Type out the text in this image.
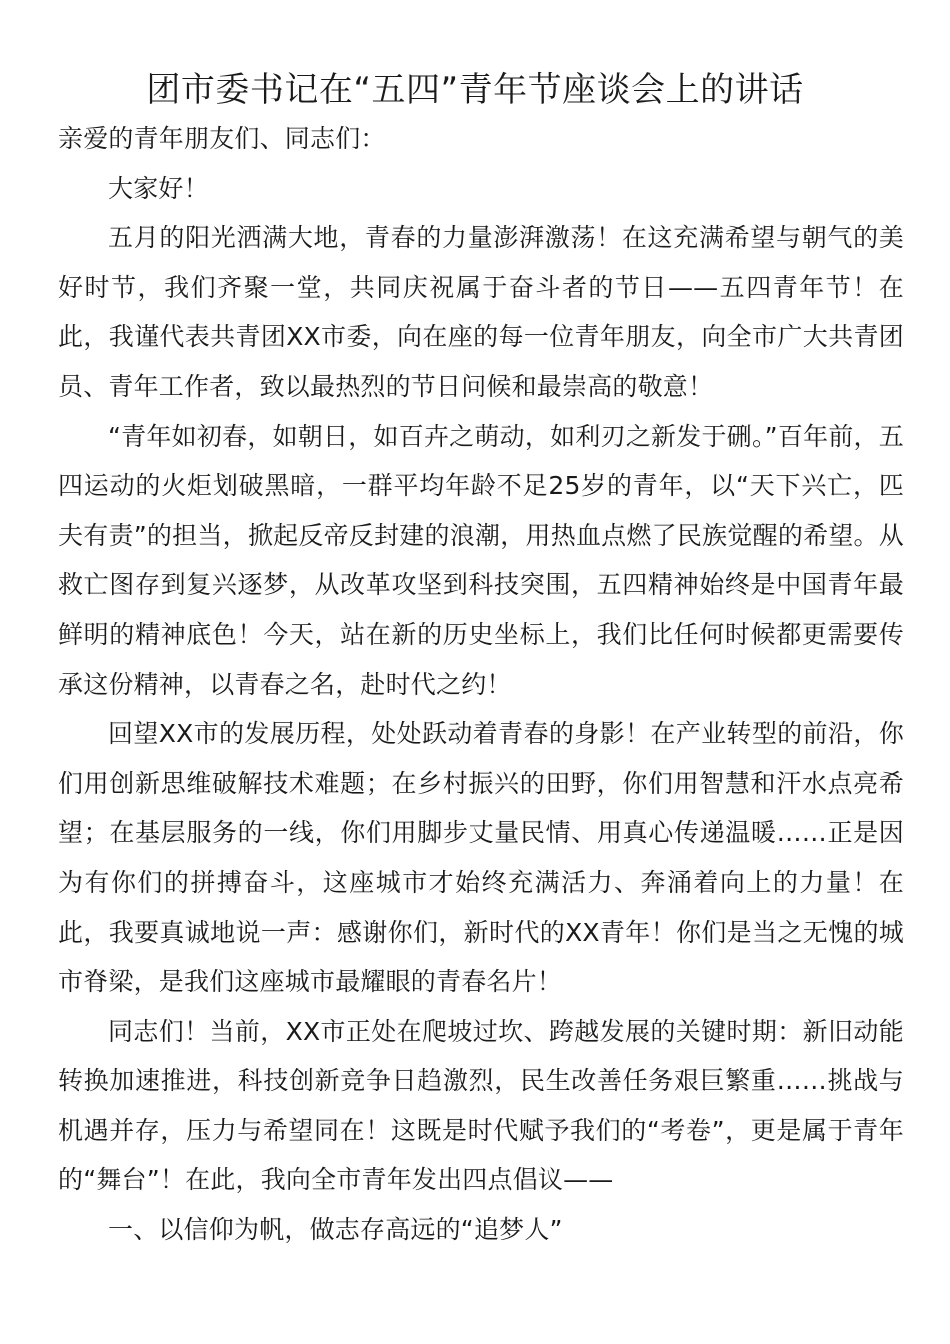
团市委书记在“五四”青年节座谈会上的讲话

亲爱的青年朋友们、同志们：

大家好！

五月的阳光洒满大地，青春的力量澎湃激荡！在这充满希望与朝气的美好时节，我们齐聚一堂，共同庆祝属于奋斗者的节日——五四青年节！在此，我谨代表共青团XX市委，向在座的每一位青年朋友，向全市广大共青团员、青年工作者，致以最热烈的节日问候和最崇高的敬意！

“青年如初春，如朝日，如百卉之萌动，如利刃之新发于硎。”百年前，五四运动的火炬划破黑暗，一群平均年龄不足25岁的青年，以“天下兴亡，匹夫有责”的担当，掀起反帝反封建的浪潮，用热血点燃了民族觉醒的希望。从救亡图存到复兴逐梦，从改革攻坚到科技突围，五四精神始终是中国青年最鲜明的精神底色！今天，站在新的历史坐标上，我们比任何时候都更需要传承这份精神，以青春之名，赴时代之约！

回望XX市的发展历程，处处跃动着青春的身影！在产业转型的前沿，你们用创新思维破解技术难题；在乡村振兴的田野，你们用智慧和汗水点亮希望；在基层服务的一线，你们用脚步丈量民情、用真心传递温暖……正是因为有你们的拼搏奋斗，这座城市才始终充满活力、奔涌着向上的力量！在此，我要真诚地说一声：感谢你们，新时代的XX青年！你们是当之无愧的城市脊梁，是我们这座城市最耀眼的青春名片！

同志们！当前，XX市正处在爬坡过坎、跨越发展的关键时期：新旧动能转换加速推进，科技创新竞争日趋激烈，民生改善任务艰巨繁重……挑战与机遇并存，压力与希望同在！这既是时代赋予我们的“考卷”，更是属于青年的“舞台”！在此，我向全市青年发出四点倡议——

一、以信仰为帆，做志存高远的“追梦人”
